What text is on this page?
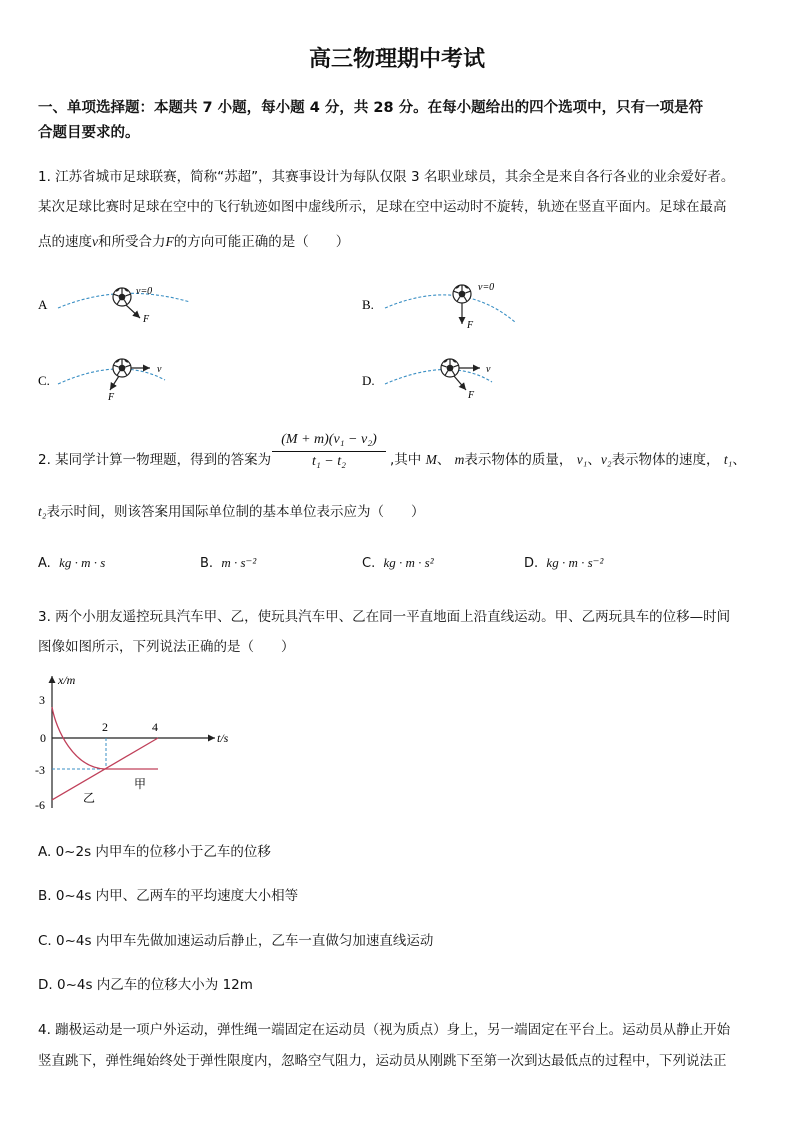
高三物理期中考试
一、单项选择题：本题共 7 小题，每小题 4 分，共 28 分。在每小题给出的四个选项中，只有一项是符
合题目要求的。
1. 江苏省城市足球联赛，简称“苏超”，其赛事设计为每队仅限 3 名职业球员，其余全是来自各行各业的业余爱好者。
某次足球比赛时足球在空中的飞行轨迹如图中虚线所示，足球在空中运动时不旋转，轨迹在竖直平面内。足球在最高
点的速度v和所受合力F的方向可能正确的是（　　）
A
v=0
F
B.
v=0
F
C.
v
F
D.
v
F
2. 某同学计算一物理题，得到的答案为
(M + m)(v₁ − v₂)
t₁ − t₂	,其中 M、 m表示物体的质量， v₁、v₂表示物体的速度， t₁、
t₂表示时间，则该答案用国际单位制的基本单位表示应为（　　）
A. kg · m · s	B. m · s⁻²	C. kg · m · s²	D. kg · m · s⁻²
3. 两个小朋友遥控玩具汽车甲、乙，使玩具汽车甲、乙在同一平直地面上沿直线运动。甲、乙两玩具车的位移—时间
图像如图所示，下列说法正确的是（　　）
x/m
t/s
3
0
-3
-6
2	4
甲
乙
A. 0~2s 内甲车的位移小于乙车的位移
B. 0~4s 内甲、乙两车的平均速度大小相等
C. 0~4s 内甲车先做加速运动后静止，乙车一直做匀加速直线运动
D. 0~4s 内乙车的位移大小为 12m
4. 蹦极运动是一项户外运动，弹性绳一端固定在运动员（视为质点）身上，另一端固定在平台上。运动员从静止开始
竖直跳下，弹性绳始终处于弹性限度内，忽略空气阻力，运动员从刚跳下至第一次到达最低点的过程中，下列说法正
